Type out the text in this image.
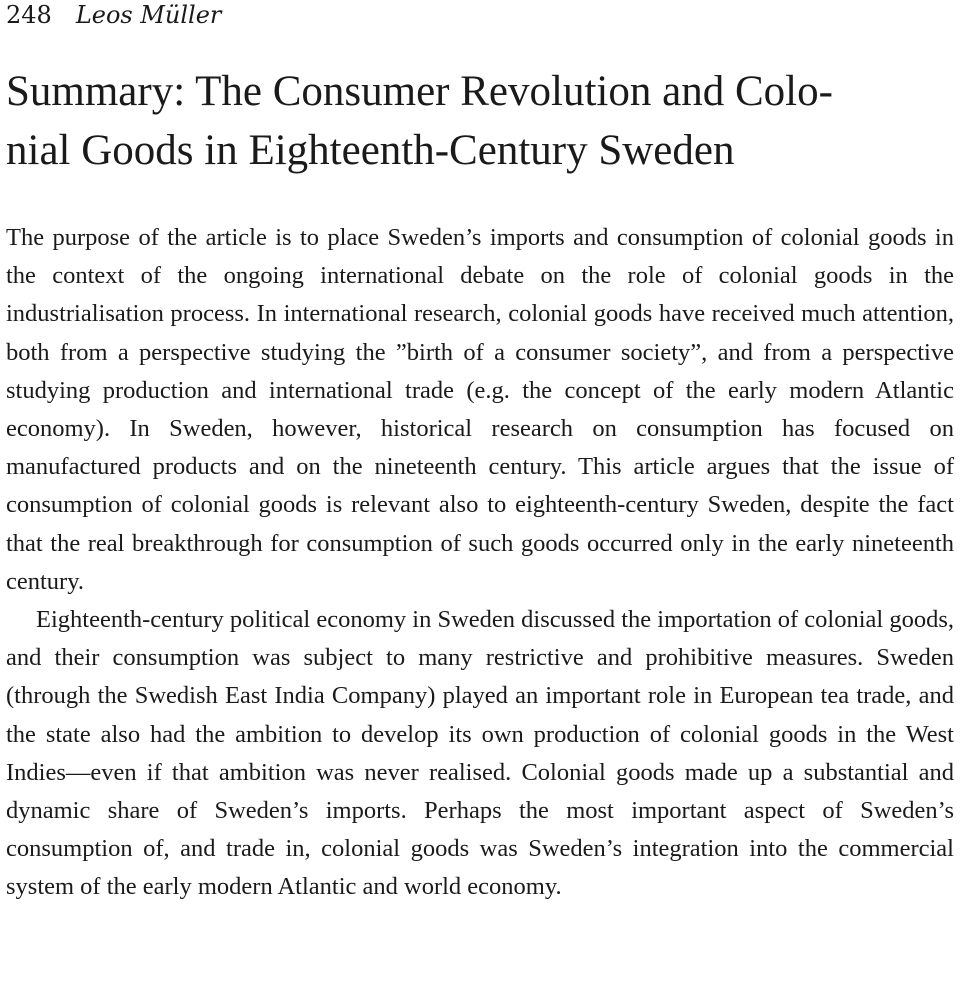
248 Leos Müller
Summary: The Consumer Revolution and Colo-
nial Goods in Eighteenth-Century Sweden

The purpose of the article is to place Sweden’s imports and consumption of colonial goods in the context of the ongoing international debate on the role of colonial goods in the industrialisation process. In international research, colonial goods have received much attention, both from a perspective studying the ”birth of a consumer society”, and from a perspective studying production and international trade (e.g. the concept of the early modern Atlantic economy). In Sweden, however, historical research on consumption has focused on manufactured products and on the nineteenth century. This article argues that the issue of consumption of colonial goods is relevant also to eighteenth-century Sweden, despite the fact that the real breakthrough for consumption of such goods occurred only in the early nineteenth century.

Eighteenth-century political economy in Sweden discussed the importation of colonial goods, and their consumption was subject to many restrictive and prohibitive measures. Sweden (through the Swedish East India Company) played an important role in European tea trade, and the state also had the ambition to develop its own production of colonial goods in the West Indies—even if that ambition was never realised. Colonial goods made up a substantial and dynamic share of Sweden’s imports. Perhaps the most important aspect of Sweden’s consumption of, and trade in, colonial goods was Sweden’s integration into the commercial system of the early modern Atlantic and world economy.
